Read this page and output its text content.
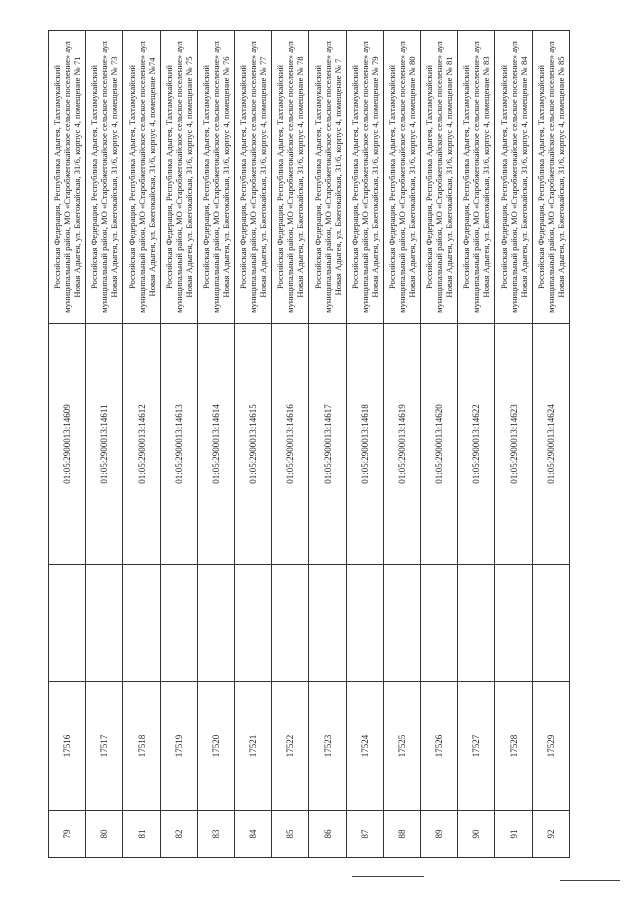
79	17516		01:05:2900013:14609	Российская Федерация, Республика Адыгея, Тахтамукайский муниципальный район, МО «Старобжегокайское сельское поселение» аул Новая Адыгея, ул. Бжегокайская, 31/6, корпус 4, помещение № 71
80	17517		01:05:2900013:14611	Российская Федерация, Республика Адыгея, Тахтамукайский муниципальный район, МО «Старобжегокайское сельское поселение» аул Новая Адыгея, ул. Бжегокайская, 31/6, корпус 4, помещение № 73
81	17518		01:05:2900013:14612	Российская Федерация, Республика Адыгея, Тахтамукайский муниципальный район, МО «Старобжегокайское сельское поселение» аул Новая Адыгея, ул. Бжегокайская, 31/6, корпус 4, помещение №74
82	17519		01:05:2900013:14613	Российская Федерация, Республика Адыгея, Тахтамукайский муниципальный район, МО «Старобжегокайское сельское поселение» аул Новая Адыгея, ул. Бжегокайская, 31/6, корпус 4, помещение № 75
83	17520		01:05:2900013:14614	Российская Федерация, Республика Адыгея, Тахтамукайский муниципальный район, МО «Старобжегокайское сельское поселение» аул Новая Адыгея, ул. Бжегокайская, 31/6, корпус 4, помещение № 76
84	17521		01:05:2900013:14615	Российская Федерация, Республика Адыгея, Тахтамукайский муниципальный район, МО «Старобжегокайское сельское поселение» аул Новая Адыгея, ул. Бжегокайская, 31/6, корпус 4, помещение № 77
85	17522		01:05:2900013:14616	Российская Федерация, Республика Адыгея, Тахтамукайский муниципальный район, МО «Старобжегокайское сельское поселение» аул Новая Адыгея, ул. Бжегокайская, 31/6, корпус 4, помещение № 78
86	17523		01:05:2900013:14617	Российская Федерация, Республика Адыгея, Тахтамукайский муниципальный район, МО «Старобжегокайское сельское поселение» аул Новая Адыгея, ул. Бжегокайская, 31/6, корпус 4, помещение № 7
87	17524		01:05:2900013:14618	Российская Федерация, Республика Адыгея, Тахтамукайский муниципальный район, МО «Старобжегокайское сельское поселение» аул Новая Адыгея, ул. Бжегокайская, 31/6, корпус 4, помещение № 79
88	17525		01:05:2900013:14619	Российская Федерация, Республика Адыгея, Тахтамукайский муниципальный район, МО «Старобжегокайское сельское поселение» аул Новая Адыгея, ул. Бжегокайская, 31/6, корпус 4, помещение № 80
89	17526		01:05:2900013:14620	Российская Федерация, Республика Адыгея, Тахтамукайский муниципальный район, МО «Старобжегокайское сельское поселение» аул Новая Адыгея, ул. Бжегокайская, 31/6, корпус 4, помещение № 81
90	17527		01:05:2900013:14622	Российская Федерация, Республика Адыгея, Тахтамукайский муниципальный район, МО «Старобжегокайское сельское поселение» аул Новая Адыгея, ул. Бжегокайская, 31/6, корпус 4, помещение № 83
91	17528		01:05:2900013:14623	Российская Федерация, Республика Адыгея, Тахтамукайский муниципальный район, МО «Старобжегокайское сельское поселение» аул Новая Адыгея, ул. Бжегокайская, 31/6, корпус 4, помещение № 84
92	17529		01:05:2900013:14624	Российская Федерация, Республика Адыгея, Тахтамукайский муниципальный район, МО «Старобжегокайское сельское поселение» аул Новая Адыгея, ул. Бжегокайская, 31/6, корпус 4, помещение № 85
